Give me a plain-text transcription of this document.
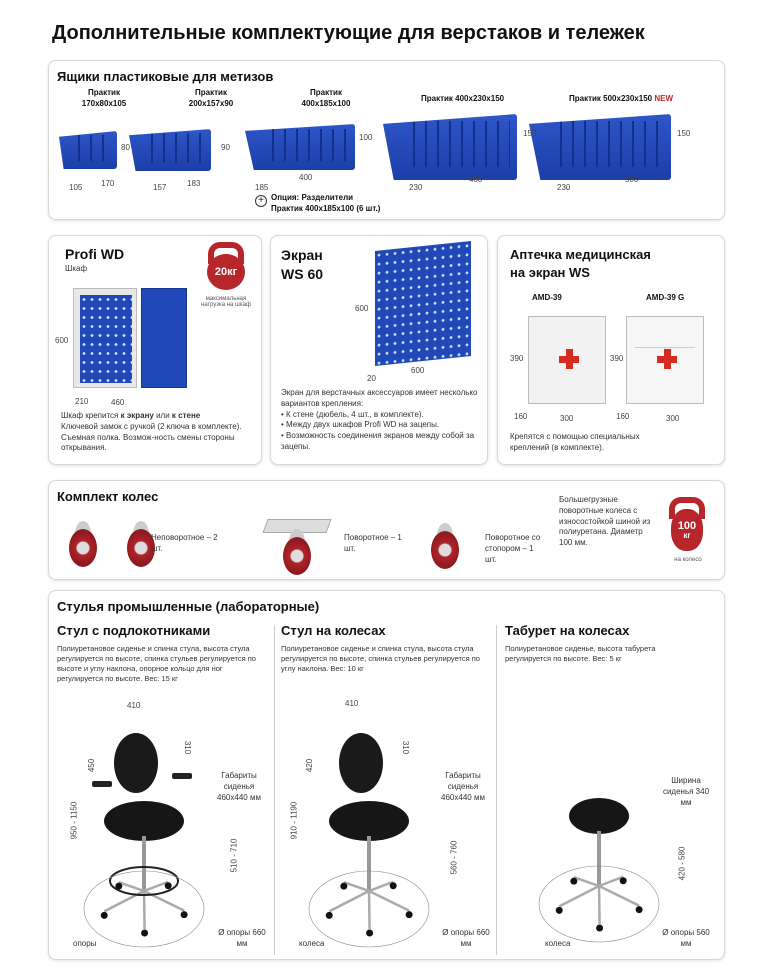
Дополнительные комплектующие для верстаков и тележек
Ящики пластиковые для метизов
Практик
170x80x105
Практик
200x157x90
Практик
400x185x100
Практик 400x230x150	Практик 500x230x150 NEW
105 170
80
157	183
90
185
400
100
230
400
150
230
500
150
+ Опция: Разделители
Практик 400x185x100 (6 шт.)
Profi WD
Шкаф	20кг
максимальная нагрузка на шкаф
600
210	460
Шкаф крепится к экрану или к стене
Ключевой замок с ручкой (2 ключа в комплекте). Съемная полка. Возмож-ность смены стороны открывания.
Экран
WS 60
600
600
20
Экран для верстачных аксессуаров имеет несколько вариантов крепления:
• К стене (дюбель, 4 шт., в комплекте).
• Между двух шкафов Profi WD на зацепы.
• Возможность соединения экранов между собой за зацепы.
Аптечка медицинская
на экран WS
AMD-39	AMD-39 G
390	390
160	300	160	300
Крепятся с помощью специальных креплений (в комплекте).
Комплект колес
Неповоротное – 2 шт.
Поворотное – 1 шт.
Поворотное со стопором – 1 шт.
Большегрузные поворотные колеса с износостойкой шиной из полиуретана. Диаметр 100 мм.
100
кг
на колесо
Стулья промышленные (лабораторные)
Стул с подлокотниками
Полиуретановое сиденье и спинка стула, высота стула регулируется по высоте, спинка стульев регулируется по высоте и углу наклона, опорное кольцо для ног регулируется по высоте. Вес: 15 кг
Стул на колесах
Полиуретановое сиденье и спинка стула, высота стула регулируется по высоте, спинка стульев регулируется по углу наклона. Вес: 10 кг
Табурет на колесах
Полиуретановое сиденье, высота табурета регулируется по высоте. Вес: 5 кг
410
450
310
950 - 1150
510 - 710
Габариты сиденья 460x440 мм
Ø опоры 660 мм
опоры
410
420
310
910 - 1190
560 - 760
Габариты сиденья 460x440 мм
Ø опоры 660 мм
колеса
420 - 580
Ширина сиденья 340 мм
Ø опоры 560 мм
колеса
